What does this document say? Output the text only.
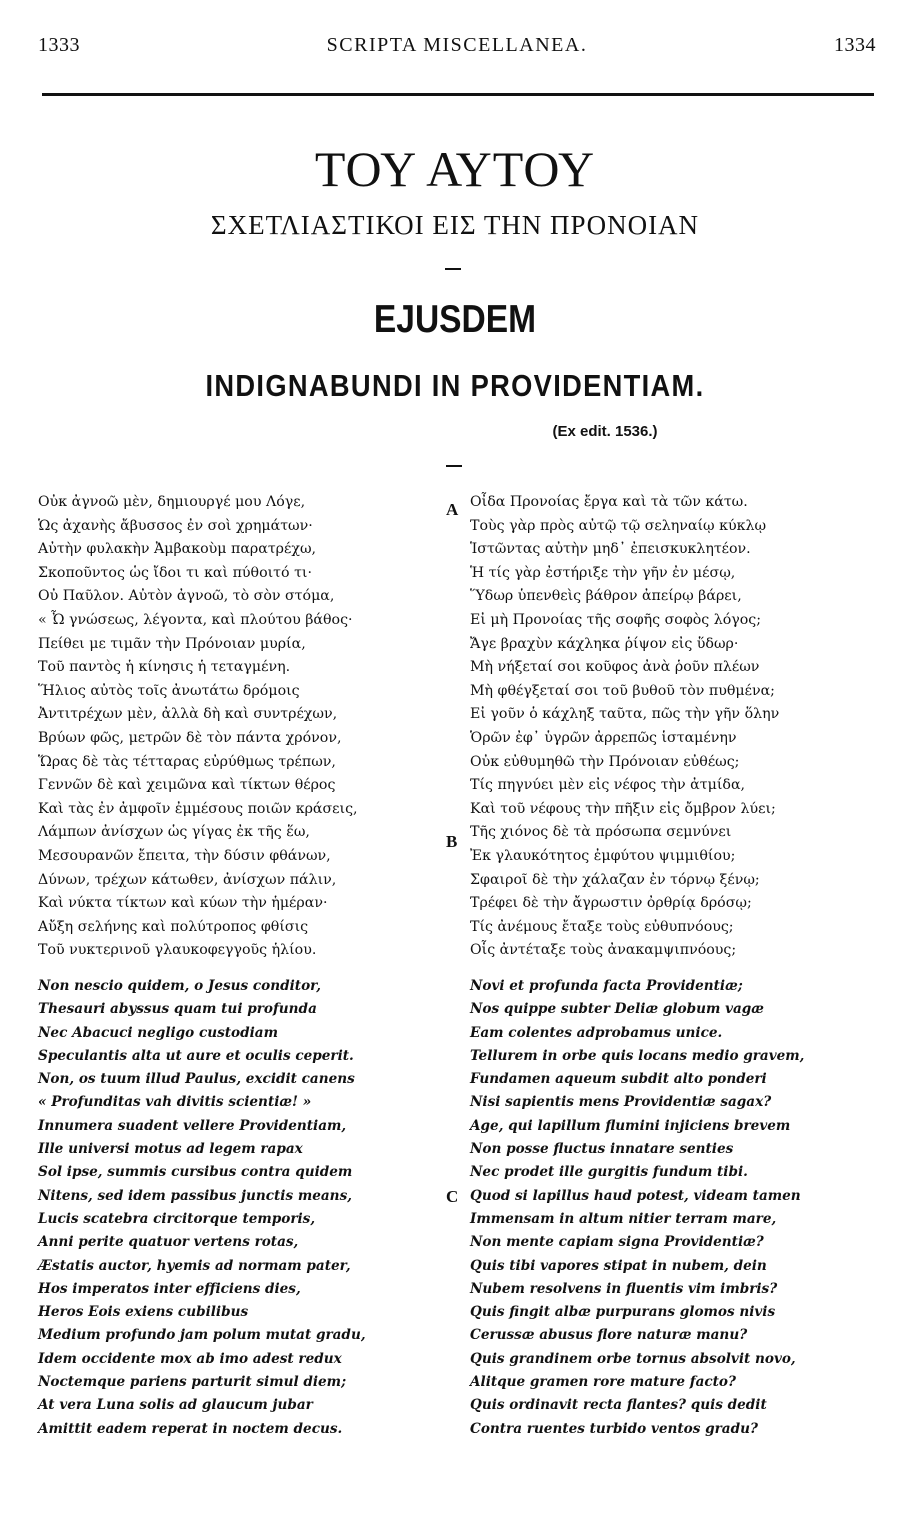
1333	SCRIPTA MISCELLANEA.	1334
ΤΟΥ ΑΥΤΟΥ
ΣΧΕΤΛΙΑΣΤΙΚΟΙ ΕΙΣ ΤΗΝ ΠΡΟΝΟΙΑΝ
EJUSDEM
INDIGNABUNDI IN PROVIDENTIAM.
(Ex edit. 1536.)
A
B
C
Οὐκ ἀγνοῶ μὲν, δημιουργέ μου Λόγε,
Ὡς ἀχανὴς ἄβυσσος ἐν σοὶ χρημάτων·
Αὐτὴν φυλακὴν Ἀμβακοὺμ παρατρέχω,
Σκοποῦντος ὡς ἴδοι τι καὶ πύθοιτό τι·
Οὐ Παῦλον. Αὐτὸν ἀγνοῶ, τὸ σὸν στόμα,
« Ὦ γνώσεως, λέγοντα, καὶ πλούτου βάθος·
Πείθει με τιμᾶν τὴν Πρόνοιαν μυρία,
Τοῦ παντὸς ἡ κίνησις ἡ τεταγμένη.
Ἥλιος αὐτὸς τοῖς ἀνωτάτω δρόμοις
Ἀντιτρέχων μὲν, ἀλλὰ δὴ καὶ συντρέχων,
Βρύων φῶς, μετρῶν δὲ τὸν πάντα χρόνον,
Ὥρας δὲ τὰς τέτταρας εὐρύθμως τρέπων,
Γεννῶν δὲ καὶ χειμῶνα καὶ τίκτων θέρος
Καὶ τὰς ἐν ἀμφοῖν ἐμμέσους ποιῶν κράσεις,
Λάμπων ἀνίσχων ὡς γίγας ἐκ τῆς ἕω,
Μεσουρανῶν ἔπειτα, τὴν δύσιν φθάνων,
Δύνων, τρέχων κάτωθεν, ἀνίσχων πάλιν,
Καὶ νύκτα τίκτων καὶ κύων τὴν ἡμέραν·
Αὔξη σελήνης καὶ πολύτροπος φθίσις
Τοῦ νυκτερινοῦ γλαυκοφεγγοῦς ἡλίου.
Οἶδα Προνοίας ἔργα καὶ τὰ τῶν κάτω.
Τοὺς γὰρ πρὸς αὐτῷ τῷ σεληναίῳ κύκλῳ
Ἱστῶντας αὐτὴν μηδ᾽ ἐπεισκυκλητέον.
Ἡ τίς γὰρ ἐστήριξε τὴν γῆν ἐν μέσῳ,
Ὕδωρ ὑπενθεὶς βάθρον ἀπείρῳ βάρει,
Εἰ μὴ Προνοίας τῆς σοφῆς σοφὸς λόγος;
Ἄγε βραχὺν κάχληκα ῥίψον εἰς ὕδωρ·
Μὴ νήξεταί σοι κοῦφος ἀνὰ ῥοῦν πλέων
Μὴ φθέγξεταί σοι τοῦ βυθοῦ τὸν πυθμένα;
Εἰ γοῦν ὁ κάχληξ ταῦτα, πῶς τὴν γῆν ὅλην
Ὁρῶν ἐφ᾽ ὑγρῶν ἀρρεπῶς ἱσταμένην
Οὐκ εὐθυμηθῶ τὴν Πρόνοιαν εὐθέως;
Τίς πηγνύει μὲν εἰς νέφος τὴν ἀτμίδα,
Καὶ τοῦ νέφους τὴν πῆξιν εἰς ὄμβρον λύει;
Τῆς χιόνος δὲ τὰ πρόσωπα σεμνύνει
Ἐκ γλαυκότητος ἐμφύτου ψιμμιθίου;
Σφαιροῖ δὲ τὴν χάλαζαν ἐν τόρνῳ ξένῳ;
Τρέφει δὲ τὴν ἄγρωστιν ὀρθρίᾳ δρόσῳ;
Τίς ἀνέμους ἔταξε τοὺς εὐθυπνόους;
Οἷς ἀντέταξε τοὺς ἀνακαμψιπνόους;
Non nescio quidem, o Jesus conditor,
Thesauri abyssus quam tui profunda
Nec Abacuci negligo custodiam
Speculantis alta ut aure et oculis ceperit.
Non, os tuum illud Paulus, excidit canens
« Profunditas vah divitis scientiæ! »
Innumera suadent vellere Providentiam,
Ille universi motus ad legem rapax
Sol ipse, summis cursibus contra quidem
Nitens, sed idem passibus junctis means,
Lucis scatebra circitorque temporis,
Anni perite quatuor vertens rotas,
Æstatis auctor, hyemis ad normam pater,
Hos imperatos inter efficiens dies,
Heros Eois exiens cubilibus
Medium profundo jam polum mutat gradu,
Idem occidente mox ab imo adest redux
Noctemque pariens parturit simul diem;
At vera Luna solis ad glaucum jubar
Amittit eadem reperat in noctem decus.
Novi et profunda facta Providentiæ;
Nos quippe subter Deliæ globum vagæ
Eam colentes adprobamus unice.
Tellurem in orbe quis locans medio gravem,
Fundamen aqueum subdit alto ponderi
Nisi sapientis mens Providentiæ sagax?
Age, qui lapillum flumini injiciens brevem
Non posse fluctus innatare senties
Nec prodet ille gurgitis fundum tibi.
Quod si lapillus haud potest, videam tamen
Immensam in altum nitier terram mare,
Non mente capiam signa Providentiæ?
Quis tibi vapores stipat in nubem, dein
Nubem resolvens in fluentis vim imbris?
Quis fingit albæ purpurans glomos nivis
Cerussæ abusus flore naturæ manu?
Quis grandinem orbe tornus absolvit novo,
Alitque gramen rore mature facto?
Quis ordinavit recta flantes? quis dedit
Contra ruentes turbido ventos gradu?
